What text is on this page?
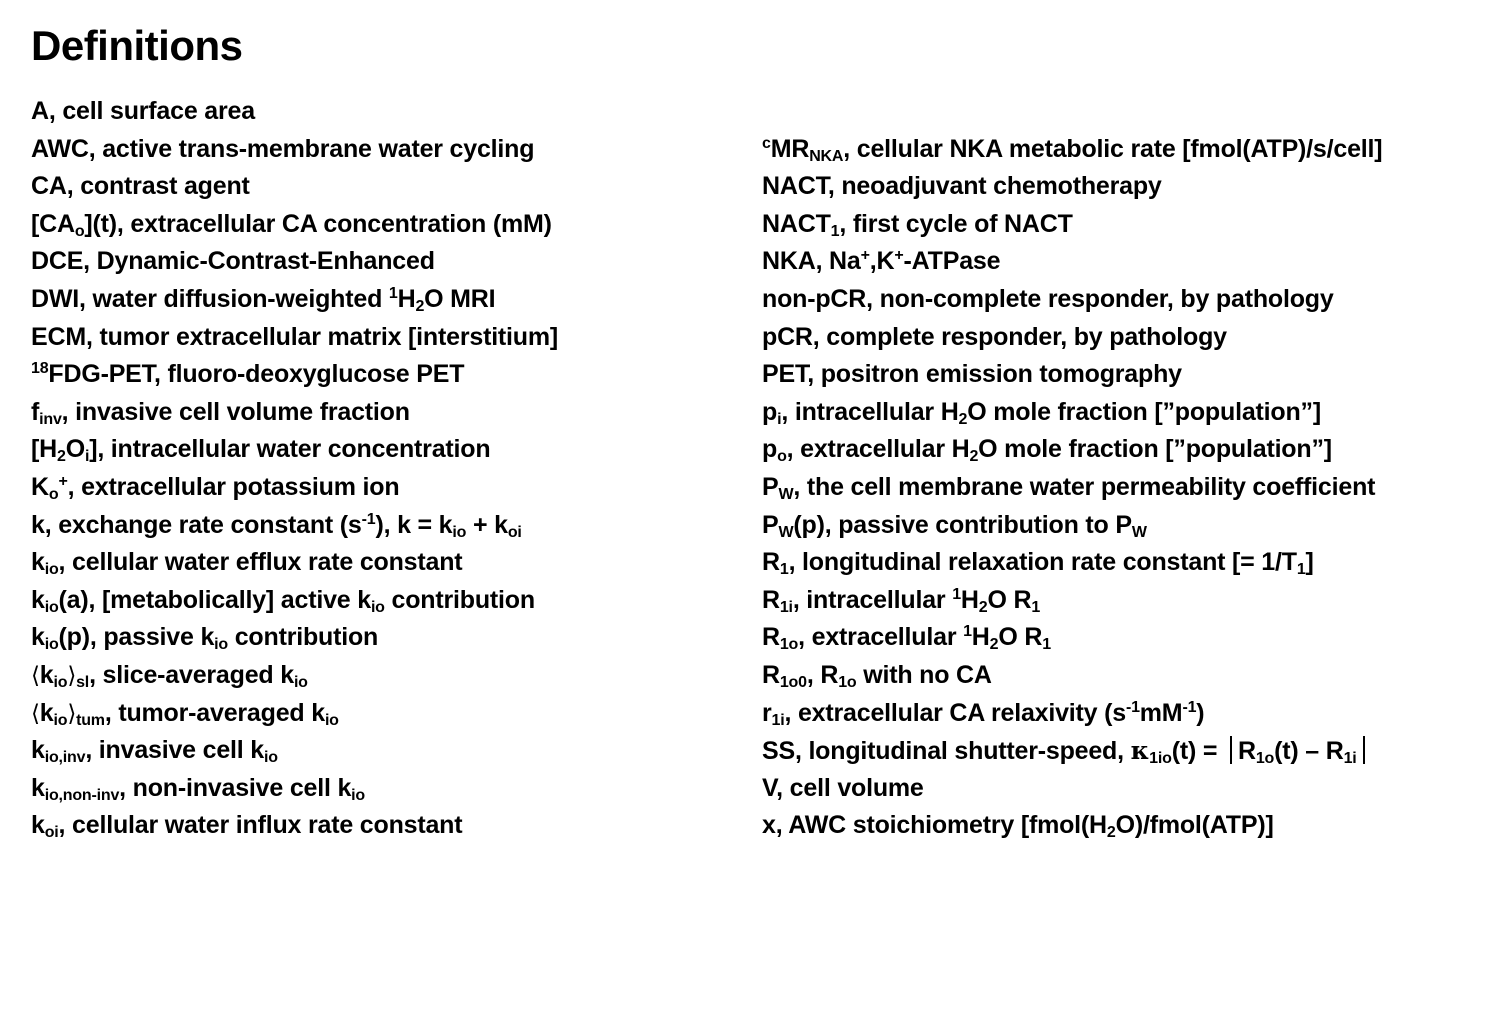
Definitions
A, cell surface area
AWC, active trans-membrane water cycling
CA, contrast agent
$[CA_o](t)$, extracellular CA concentration (mM)
DCE, Dynamic-Contrast-Enhanced
DWI, water diffusion-weighted $^1H_2O$ MRI
ECM, tumor extracellular matrix [interstitium]
$^{18}$FDG-PET, fluoro-deoxyglucose PET
$f_{inv}$, invasive cell volume fraction
$[H_2O_i]$, intracellular water concentration
$K_o^+$, extracellular potassium ion
k, exchange rate constant $(s^{-1})$, $k = k_{io} + k_{oi}$
$k_{io}$, cellular water efflux rate constant
$k_{io}(a)$, [metabolically] active $k_{io}$ contribution
$k_{io}(p)$, passive $k_{io}$ contribution
$⟨k_{io}⟩_{sl}$, slice-averaged $k_{io}$
$⟨k_{io}⟩_{tum}$, tumor-averaged $k_{io}$
$k_{io,inv}$, invasive cell $k_{io}$
$k_{io,non-inv}$, non-invasive cell $k_{io}$
$k_{oi}$, cellular water influx rate constant
$^cMR_{NKA}$, cellular NKA metabolic rate [fmol(ATP)/s/cell]
NACT, neoadjuvant chemotherapy
$NACT_1$, first cycle of NACT
NKA, Na+,K+-ATPase
non-pCR, non-complete responder, by pathology
pCR, complete responder, by pathology
PET, positron emission tomography
$p_i$, intracellular $H_2O$ mole fraction [”population”]
$p_o$, extracellular $H_2O$ mole fraction [”population”]
$P_W$, the cell membrane water permeability coefficient
$P_W(p)$, passive contribution to $P_W$
$R_1$, longitudinal relaxation rate constant [= $1/T_1$]
$R_{1i}$, intracellular $^1H_2O$ $R_1$
$R_{1o}$, extracellular $^1H_2O$ $R_1$
$R_{1o0}$, $R_{1o}$ with no CA
$r_{1i}$, extracellular CA relaxivity $(s^{-1}mM^{-1})$
SS, longitudinal shutter-speed, $\kappa_{1io}(t) = R_{1o}(t) - R_{1i}$
V, cell volume
x, AWC stoichiometry $[fmol(H_2O)/fmol(ATP)]$
